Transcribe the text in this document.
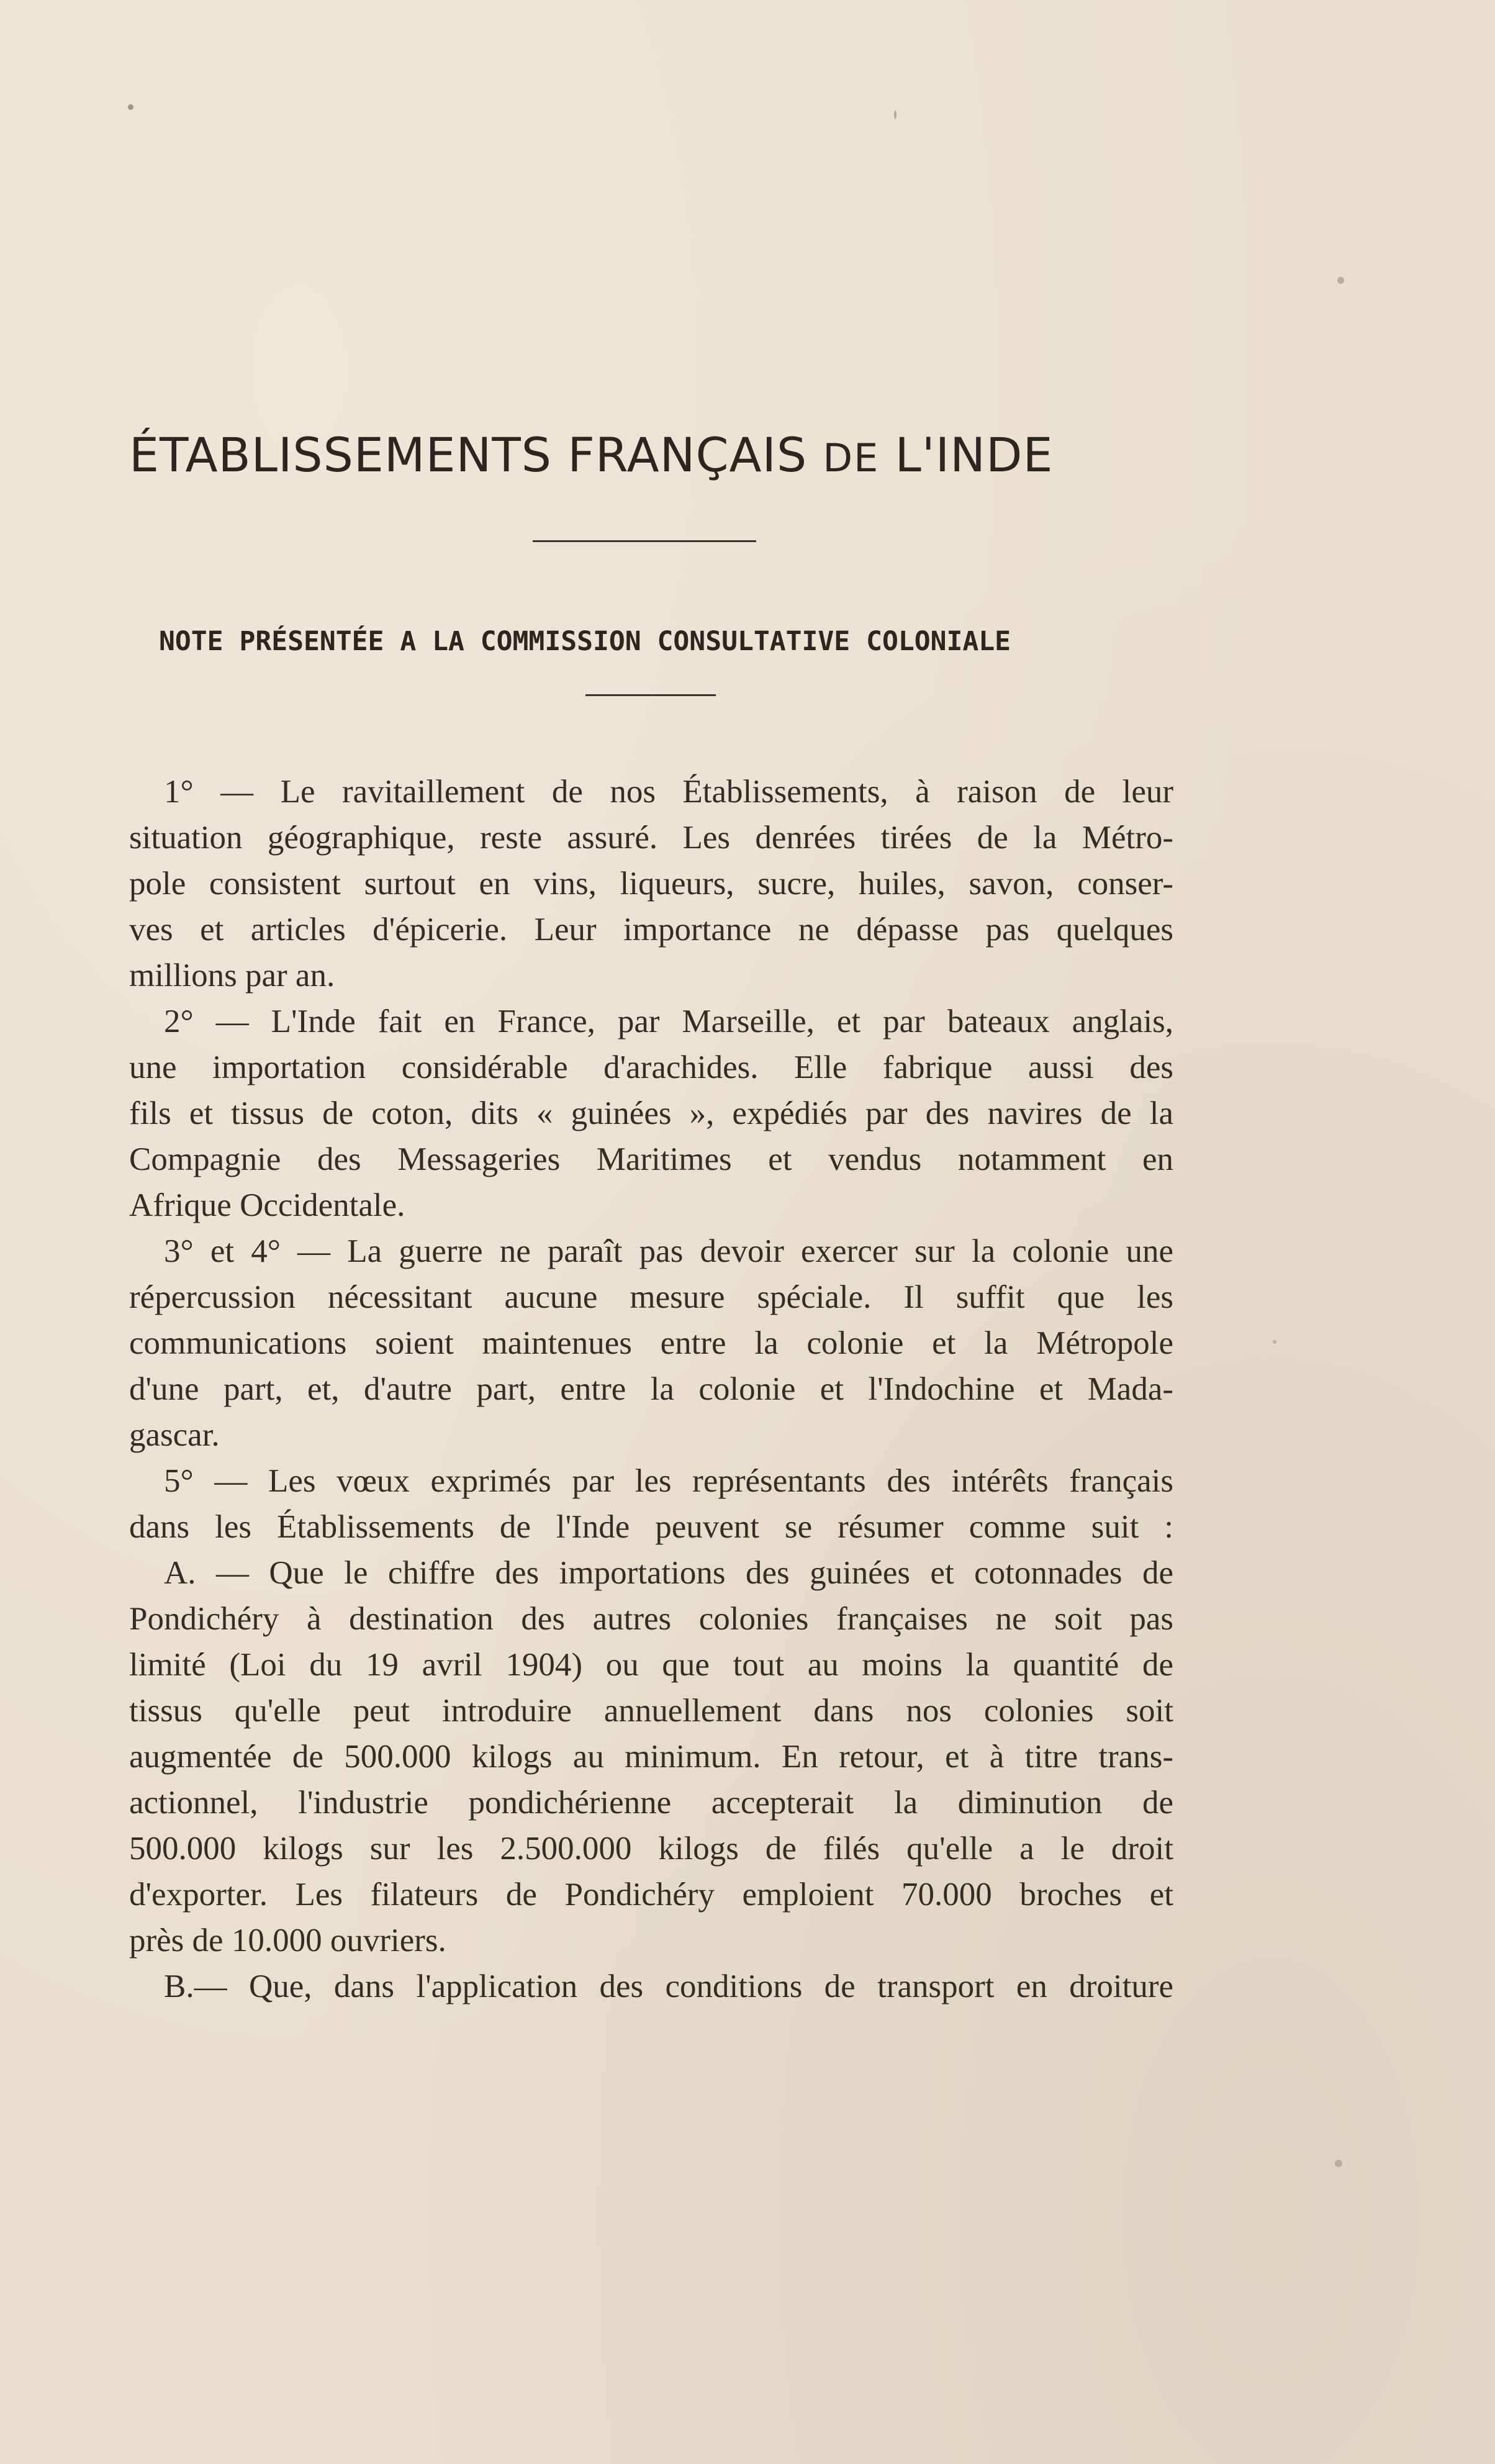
ÉTABLISSEMENTS FRANÇAIS DE L'INDE
NOTE PRÉSENTÉE A LA COMMISSION CONSULTATIVE COLONIALE
1° — Le ravitaillement de nos Établissements, à raison de leur
situation géographique, reste assuré. Les denrées tirées de la Métro-
pole consistent surtout en vins, liqueurs, sucre, huiles, savon, conser-
ves et articles d'épicerie. Leur importance ne dépasse pas quelques
millions par an.
2° — L'Inde fait en France, par Marseille, et par bateaux anglais,
une importation considérable d'arachides. Elle fabrique aussi des
fils et tissus de coton, dits « guinées », expédiés par des navires de la
Compagnie des Messageries Maritimes et vendus notamment en
Afrique Occidentale.
3° et 4° — La guerre ne paraît pas devoir exercer sur la colonie une
répercussion nécessitant aucune mesure spéciale. Il suffit que les
communications soient maintenues entre la colonie et la Métropole
d'une part, et, d'autre part, entre la colonie et l'Indochine et Mada-
gascar.
5° — Les vœux exprimés par les représentants des intérêts français
dans les Établissements de l'Inde peuvent se résumer comme suit :
A. — Que le chiffre des importations des guinées et cotonnades de
Pondichéry à destination des autres colonies françaises ne soit pas
limité (Loi du 19 avril 1904) ou que tout au moins la quantité de
tissus qu'elle peut introduire annuellement dans nos colonies soit
augmentée de 500.000 kilogs au minimum. En retour, et à titre trans-
actionnel, l'industrie pondichérienne accepterait la diminution de
500.000 kilogs sur les 2.500.000 kilogs de filés qu'elle a le droit
d'exporter. Les filateurs de Pondichéry emploient 70.000 broches et
près de 10.000 ouvriers.
B.— Que, dans l'application des conditions de transport en droiture
